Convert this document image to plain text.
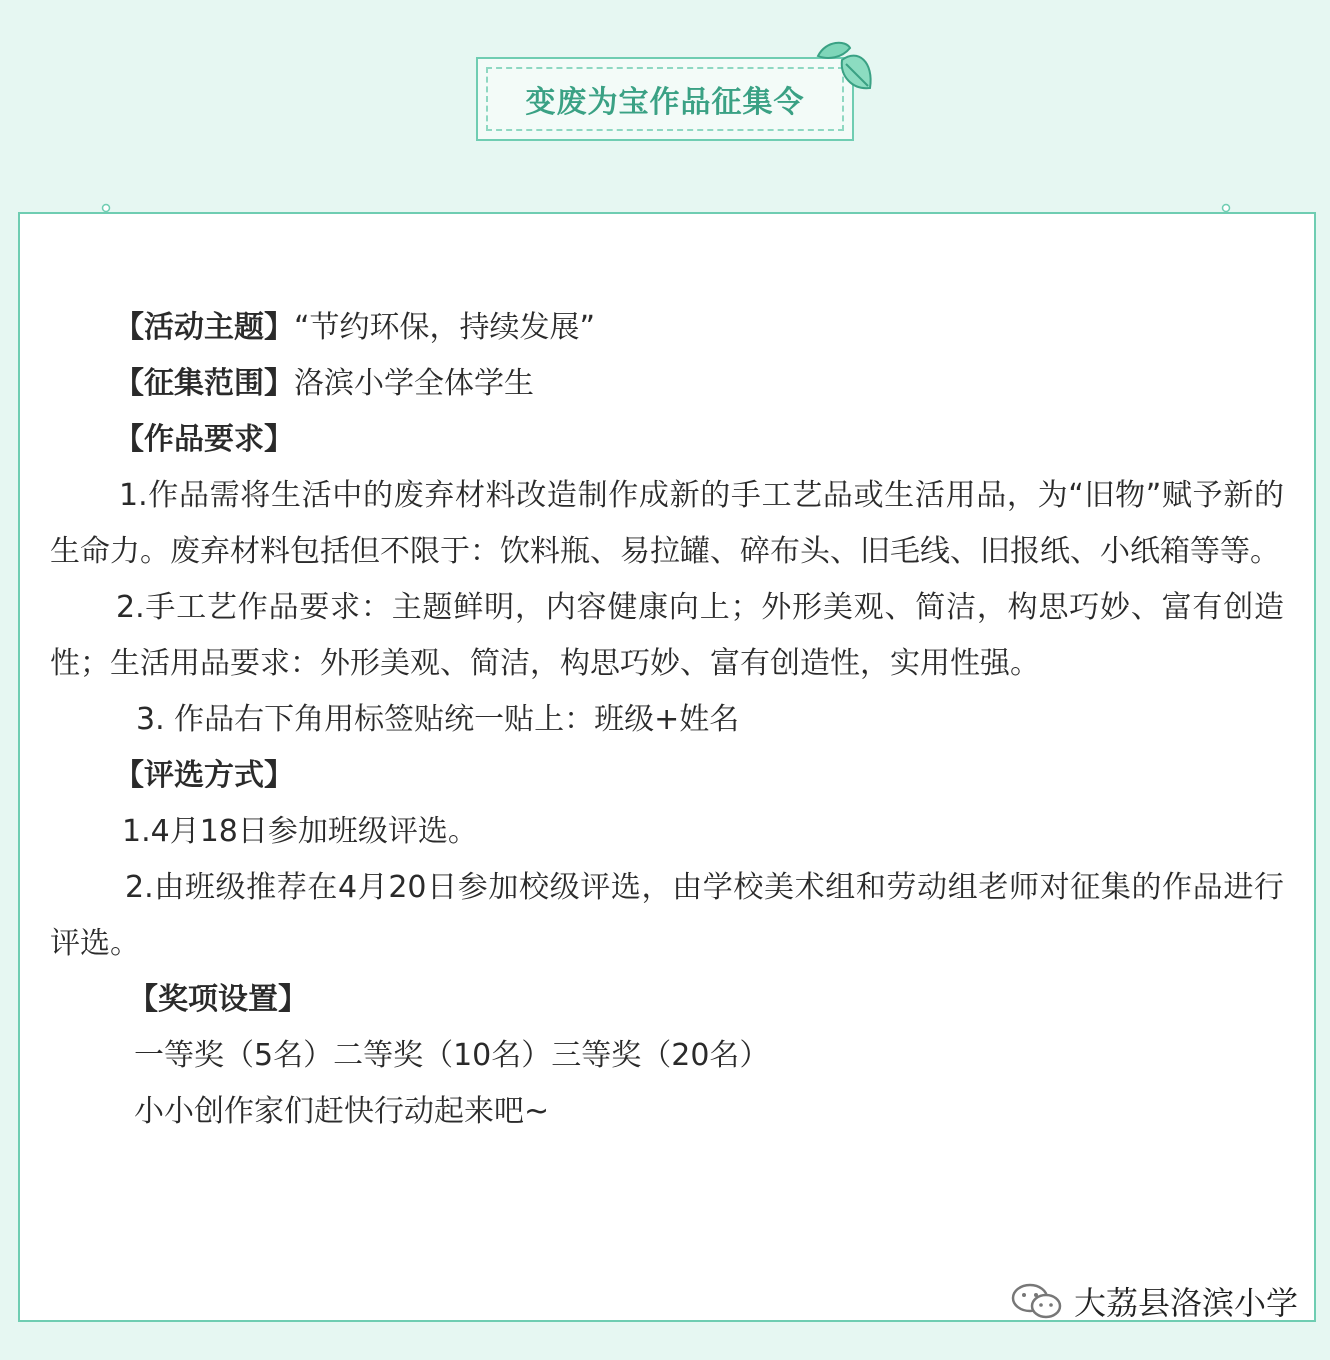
变废为宝作品征集令
【活动主题】“节约环保，持续发展”
【征集范围】洛滨小学全体学生
【作品要求】
1.作品需将生活中的废弃材料改造制作成新的手工艺品或生活用品，为“旧物”赋予新的生命力。废弃材料包括但不限于：饮料瓶、易拉罐、碎布头、旧毛线、旧报纸、小纸箱等等。
2.手工艺作品要求：主题鲜明，内容健康向上；外形美观、简洁，构思巧妙、富有创造性；生活用品要求：外形美观、简洁，构思巧妙、富有创造性，实用性强。
3. 作品右下角用标签贴统一贴上：班级+姓名
【评选方式】
1.4月18日参加班级评选。
2.由班级推荐在4月20日参加校级评选，由学校美术组和劳动组老师对征集的作品进行评选。
【奖项设置】
一等奖（5名）二等奖（10名）三等奖（20名）
小小创作家们赶快行动起来吧~
大荔县洛滨小学
